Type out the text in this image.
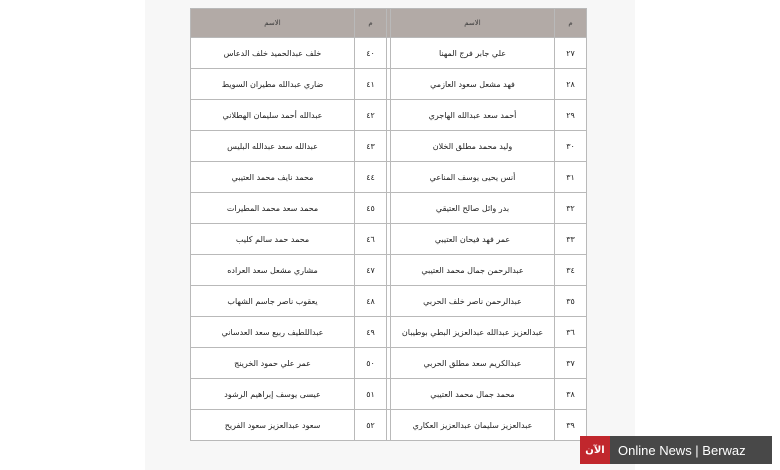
م	الاسم		م	الاسم
٢٧	علي جابر فرج المهنا		٤٠	خلف عبدالحميد خلف الدعاس
٢٨	فهد مشعل سعود العازمي		٤١	ضاري عبدالله مطيران السويط
٢٩	أحمد سعد عبدالله الهاجري		٤٢	عبدالله أحمد سليمان الهطلاني
٣٠	وليد محمد مطلق الخلان		٤٣	عبدالله سعد عبدالله البليس
٣١	أنس يحيى يوسف المناعي		٤٤	محمد نايف محمد العتيبي
٣٢	بدر وائل صالح العتيقي		٤٥	محمد سعد محمد المطيرات
٣٣	عمر فهد فيحان العتيبي		٤٦	محمد حمد سالم كليب
٣٤	عبدالرحمن جمال محمد العتيبي		٤٧	مشاري مشعل سعد العراده
٣٥	عبدالرحمن ناصر خلف الحربي		٤٨	يعقوب ناصر جاسم الشهاب
٣٦	عبدالعزيز عبدالله عبدالعزيز البطي بوطيبان		٤٩	عبداللطيف ربيع سعد العدساني
٣٧	عبدالكريم سعد مطلق الحربي		٥٠	عمر علي حمود الخرينج
٣٨	محمد جمال محمد العتيبي		٥١	عيسى يوسف إبراهيم الرشود
٣٩	عبدالعزيز سليمان عبدالعزيز العكاري		٥٢	سعود عبدالعزيز سعود الفريح
الآن	Online News | Berwaz
